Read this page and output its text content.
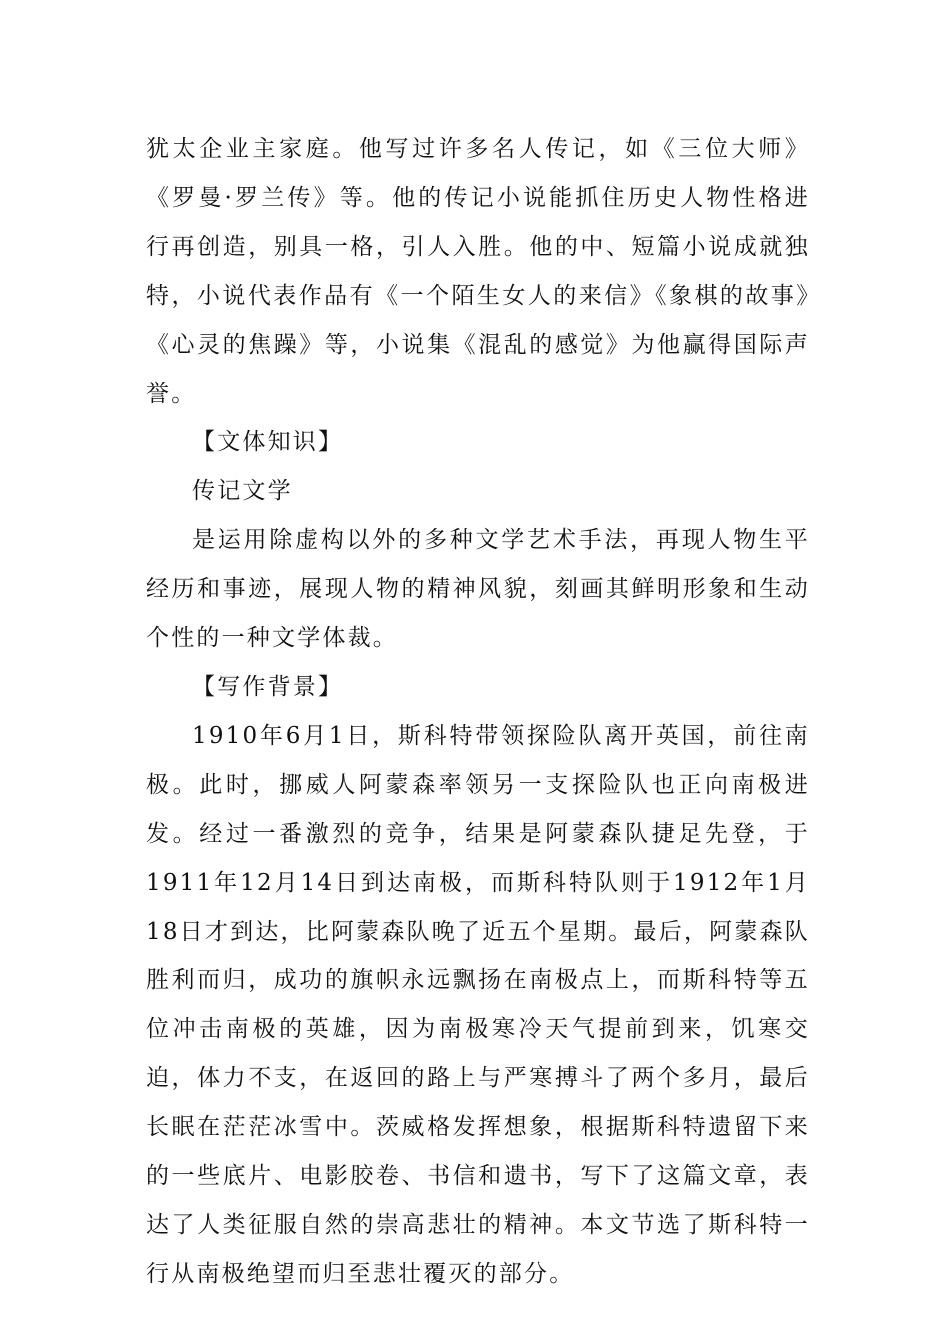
犹太企业主家庭。他写过许多名人传记，如《三位大师》《罗曼·罗兰传》等。他的传记小说能抓住历史人物性格进行再创造，别具一格，引人入胜。他的中、短篇小说成就独特，小说代表作品有《一个陌生女人的来信》《象棋的故事》《心灵的焦躁》等，小说集《混乱的感觉》为他赢得国际声誉。

【文体知识】

传记文学

是运用除虚构以外的多种文学艺术手法，再现人物生平经历和事迹，展现人物的精神风貌，刻画其鲜明形象和生动个性的一种文学体裁。

【写作背景】

1910年6月1日，斯科特带领探险队离开英国，前往南极。此时，挪威人阿蒙森率领另一支探险队也正向南极进发。经过一番激烈的竞争，结果是阿蒙森队捷足先登，于1911年12月14日到达南极，而斯科特队则于1912年1月18日才到达，比阿蒙森队晚了近五个星期。最后，阿蒙森队胜利而归，成功的旗帜永远飘扬在南极点上，而斯科特等五位冲击南极的英雄，因为南极寒冷天气提前到来，饥寒交迫，体力不支，在返回的路上与严寒搏斗了两个多月，最后长眠在茫茫冰雪中。茨威格发挥想象，根据斯科特遗留下来的一些底片、电影胶卷、书信和遗书，写下了这篇文章，表达了人类征服自然的崇高悲壮的精神。本文节选了斯科特一行从南极绝望而归至悲壮覆灭的部分。
